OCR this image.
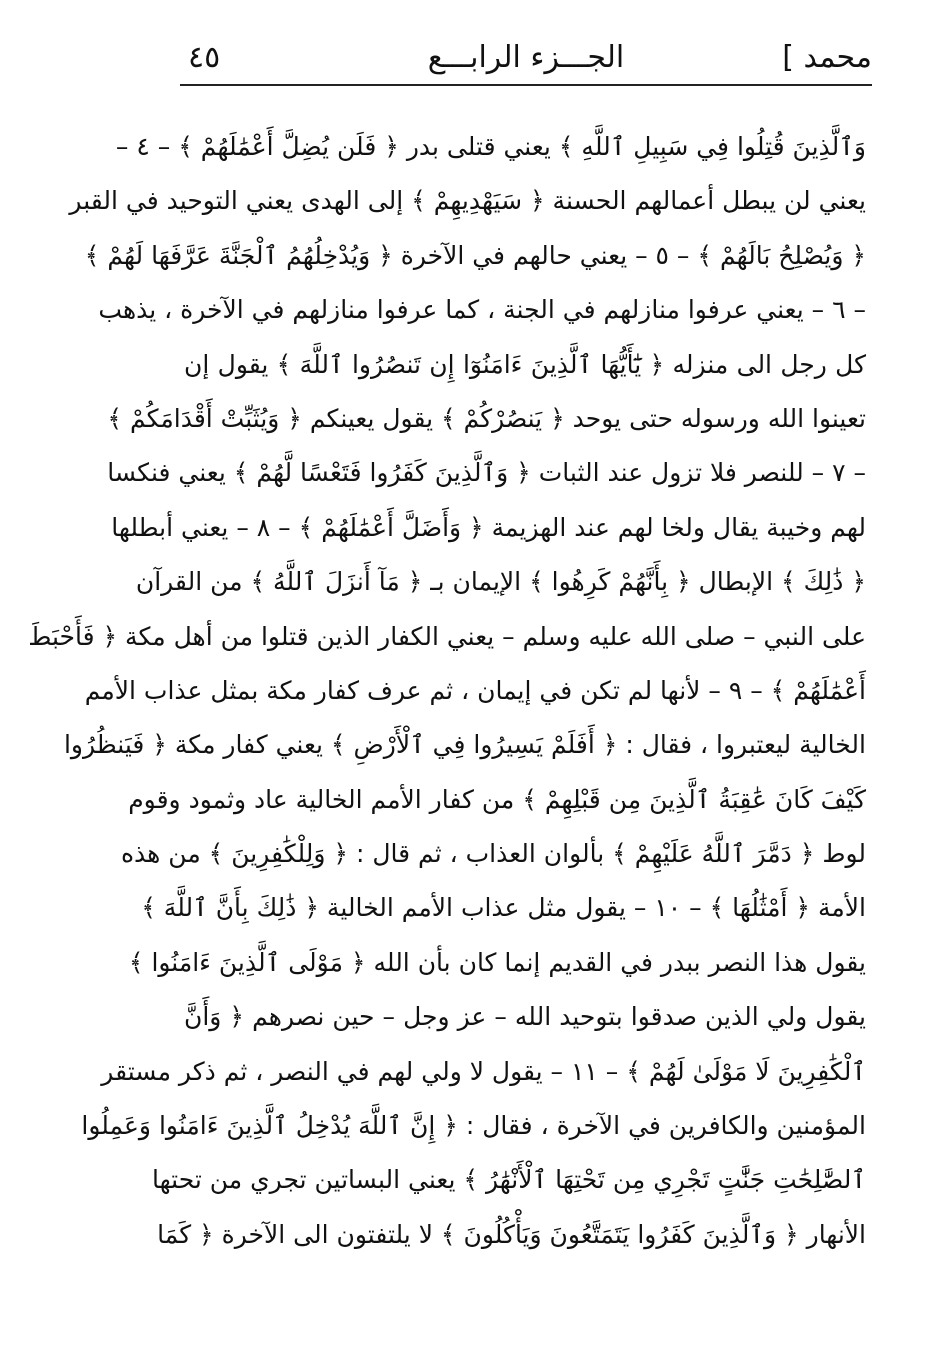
محمد ]
الجـــزء الرابـــع
٤٥
وَٱلَّذِينَ قُتِلُوا فِي سَبِيلِ ٱللَّهِ ﴾ يعني قتلى بدر ﴿ فَلَن يُضِلَّ أَعْمَٰلَهُمْ ﴾ – ٤ –
يعني لن يبطل أعمالهم الحسنة ﴿ سَيَهْدِيهِمْ ﴾ إلى الهدى يعني التوحيد في القبر
﴿ وَيُصْلِحُ بَالَهُمْ ﴾ – ٥ – يعني حالهم في الآخرة ﴿ وَيُدْخِلُهُمُ ٱلْجَنَّةَ عَرَّفَهَا لَهُمْ ﴾
– ٦ – يعني عرفوا منازلهم في الجنة ، كما عرفوا منازلهم في الآخرة ، يذهب
كل رجل الى منزله ﴿ يَٰٓأَيُّهَا ٱلَّذِينَ ءَامَنُوٓا إِن تَنصُرُوا ٱللَّهَ ﴾ يقول إن
تعينوا الله ورسوله حتى يوحد ﴿ يَنصُرْكُمْ ﴾ يقول يعينكم ﴿ وَيُثَبِّتْ أَقْدَامَكُمْ ﴾
– ٧ – للنصر فلا تزول عند الثبات ﴿ وَٱلَّذِينَ كَفَرُوا فَتَعْسًا لَّهُمْ ﴾ يعني فنكسا
لهم وخيبة يقال ولخا لهم عند الهزيمة ﴿ وَأَضَلَّ أَعْمَٰلَهُمْ ﴾ – ٨ – يعني أبطلها
﴿ ذَٰلِكَ ﴾ الإبطال ﴿ بِأَنَّهُمْ كَرِهُوا ﴾ الإيمان بـ ﴿ مَآ أَنزَلَ ٱللَّهُ ﴾ من القرآن
على النبي – صلى الله عليه وسلم – يعني الكفار الذين قتلوا من أهل مكة ﴿ فَأَحْبَطَ
أَعْمَٰلَهُمْ ﴾ – ٩ – لأنها لم تكن في إيمان ، ثم عرف كفار مكة بمثل عذاب الأمم
الخالية ليعتبروا ، فقال : ﴿ أَفَلَمْ يَسِيرُوا فِي ٱلْأَرْضِ ﴾ يعني كفار مكة ﴿ فَيَنظُرُوا
كَيْفَ كَانَ عَٰقِبَةُ ٱلَّذِينَ مِن قَبْلِهِمْ ﴾ من كفار الأمم الخالية عاد وثمود وقوم
لوط ﴿ دَمَّرَ ٱللَّهُ عَلَيْهِمْ ﴾ بألوان العذاب ، ثم قال : ﴿ وَلِلْكَٰفِرِينَ ﴾ من هذه
الأمة ﴿ أَمْثَٰلُهَا ﴾ – ١٠ – يقول مثل عذاب الأمم الخالية ﴿ ذَٰلِكَ بِأَنَّ ٱللَّهَ ﴾
يقول هذا النصر ببدر في القديم إنما كان بأن الله ﴿ مَوْلَى ٱلَّذِينَ ءَامَنُوا ﴾
يقول ولي الذين صدقوا بتوحيد الله – عز وجل – حين نصرهم ﴿ وَأَنَّ
ٱلْكَٰفِرِينَ لَا مَوْلَىٰ لَهُمْ ﴾ – ١١ – يقول لا ولي لهم في النصر ، ثم ذكر مستقر
المؤمنين والكافرين في الآخرة ، فقال : ﴿ إِنَّ ٱللَّهَ يُدْخِلُ ٱلَّذِينَ ءَامَنُوا وَعَمِلُوا
ٱلصَّٰلِحَٰتِ جَنَّٰتٍ تَجْرِي مِن تَحْتِهَا ٱلْأَنْهَٰرُ ﴾ يعني البساتين تجري من تحتها
الأنهار ﴿ وَٱلَّذِينَ كَفَرُوا يَتَمَتَّعُونَ وَيَأْكُلُونَ ﴾ لا يلتفتون الى الآخرة ﴿ كَمَا
